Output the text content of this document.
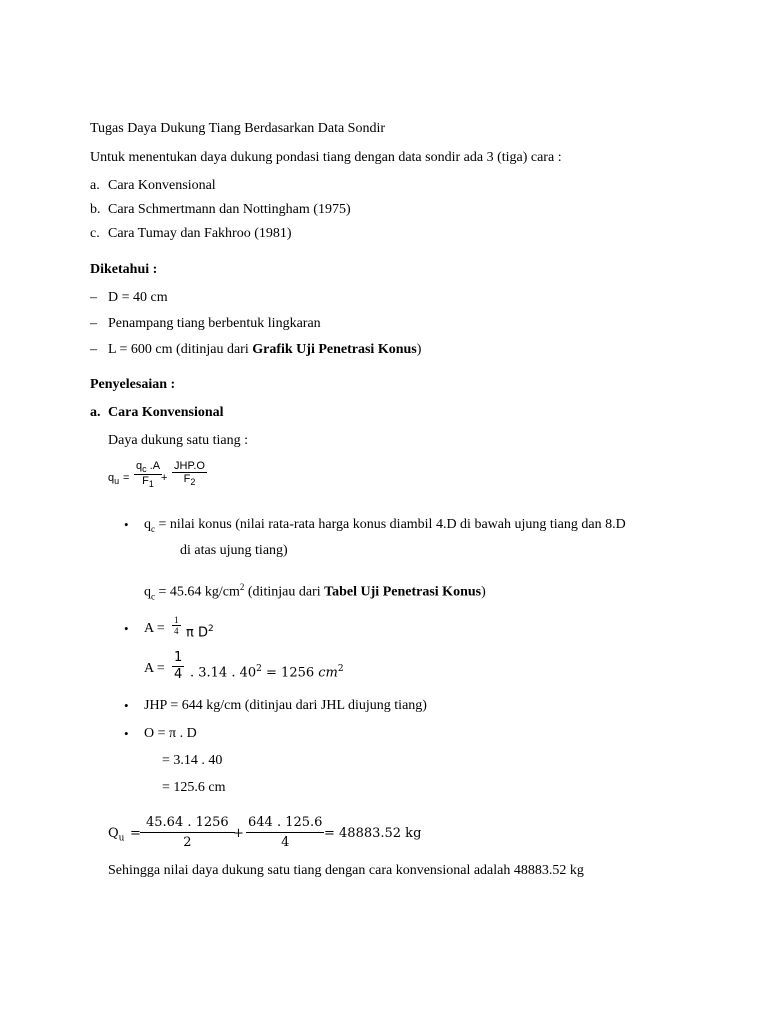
Tugas Daya Dukung Tiang Berdasarkan Data Sondir
Untuk menentukan daya dukung pondasi tiang dengan data sondir ada 3 (tiga) cara :
a. Cara Konvensional
b. Cara Schmertmann dan Nottingham (1975)
c. Cara Tumay dan Fakhroo (1981)
Diketahui :
– D = 40 cm
– Penampang tiang berbentuk lingkaran
– L = 600 cm (ditinjau dari Grafik Uji Penetrasi Konus)
Penyelesaian :
a. Cara Konvensional
Daya dukung satu tiang :
$q_u = \frac{q_c .A}{F_1}$
+
JHP.O
$F_2$
• $q_c$ = nilai konus (nilai rata-rata harga konus diambil 4.D di bawah ujung tiang dan 8.D
di atas ujung tiang)
$q_c = 45.64$ $kg/cm^2$ (ditinjau dari Tabel Uji Penetrasi Konus)
• $A = \frac{1}{4}$ π $D^2$
$A = \frac{1}{4}$ . 3.14 . $40^2 = 1256$ $cm^2$
• JHP = 644 kg/cm (ditinjau dari JHL diujung tiang)
• O = π . D
= 3.14 . 40
= 125.6 cm
$Q_u = \frac{45.64 . 1256}{2}$
+ $\frac{644 . 125.6}{4} = 48883.52$ kg
Sehingga nilai daya dukung satu tiang dengan cara konvensional adalah 48883.52 kg
